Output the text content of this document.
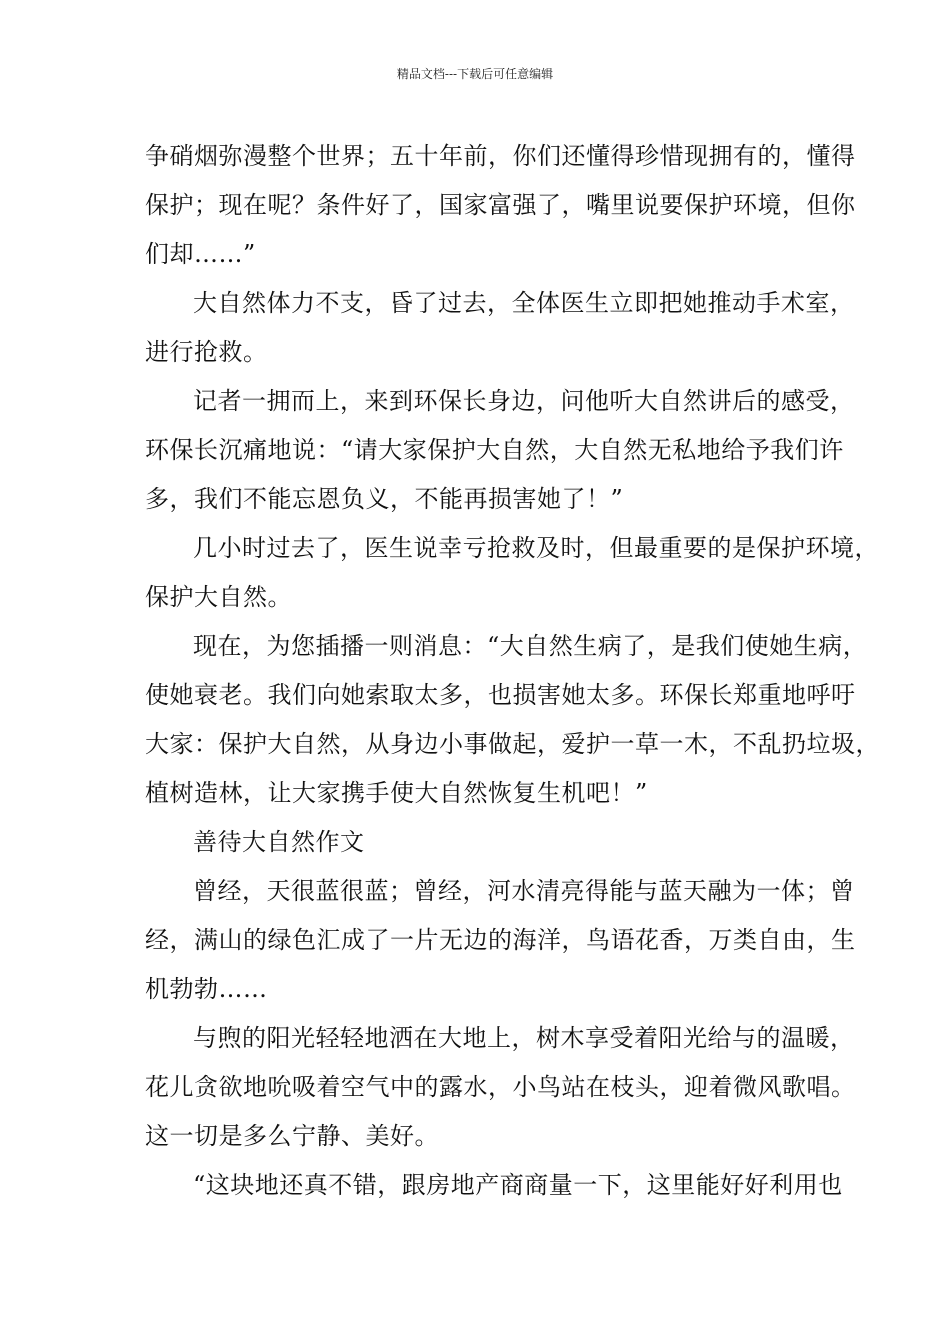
精品文档---下载后可任意编辑

争硝烟弥漫整个世界；五十年前，你们还懂得珍惜现拥有的，懂得
保护；现在呢？条件好了，国家富强了，嘴里说要保护环境，但你
们却……”

大自然体力不支，昏了过去，全体医生立即把她推动手术室，
进行抢救。

记者一拥而上，来到环保长身边，问他听大自然讲后的感受，
环保长沉痛地说：“请大家保护大自然，大自然无私地给予我们许
多，我们不能忘恩负义，不能再损害她了！”

几小时过去了，医生说幸亏抢救及时，但最重要的是保护环境，
保护大自然。

现在，为您插播一则消息：“大自然生病了，是我们使她生病，
使她衰老。我们向她索取太多，也损害她太多。环保长郑重地呼吁
大家：保护大自然，从身边小事做起，爱护一草一木，不乱扔垃圾，
植树造林，让大家携手使大自然恢复生机吧！”

善待大自然作文

曾经，天很蓝很蓝；曾经，河水清亮得能与蓝天融为一体；曾
经，满山的绿色汇成了一片无边的海洋，鸟语花香，万类自由，生
机勃勃……

与煦的阳光轻轻地洒在大地上，树木享受着阳光给与的温暖，
花儿贪欲地吮吸着空气中的露水，小鸟站在枝头，迎着微风歌唱。
这一切是多么宁静、美好。

“这块地还真不错，跟房地产商商量一下，这里能好好利用也
